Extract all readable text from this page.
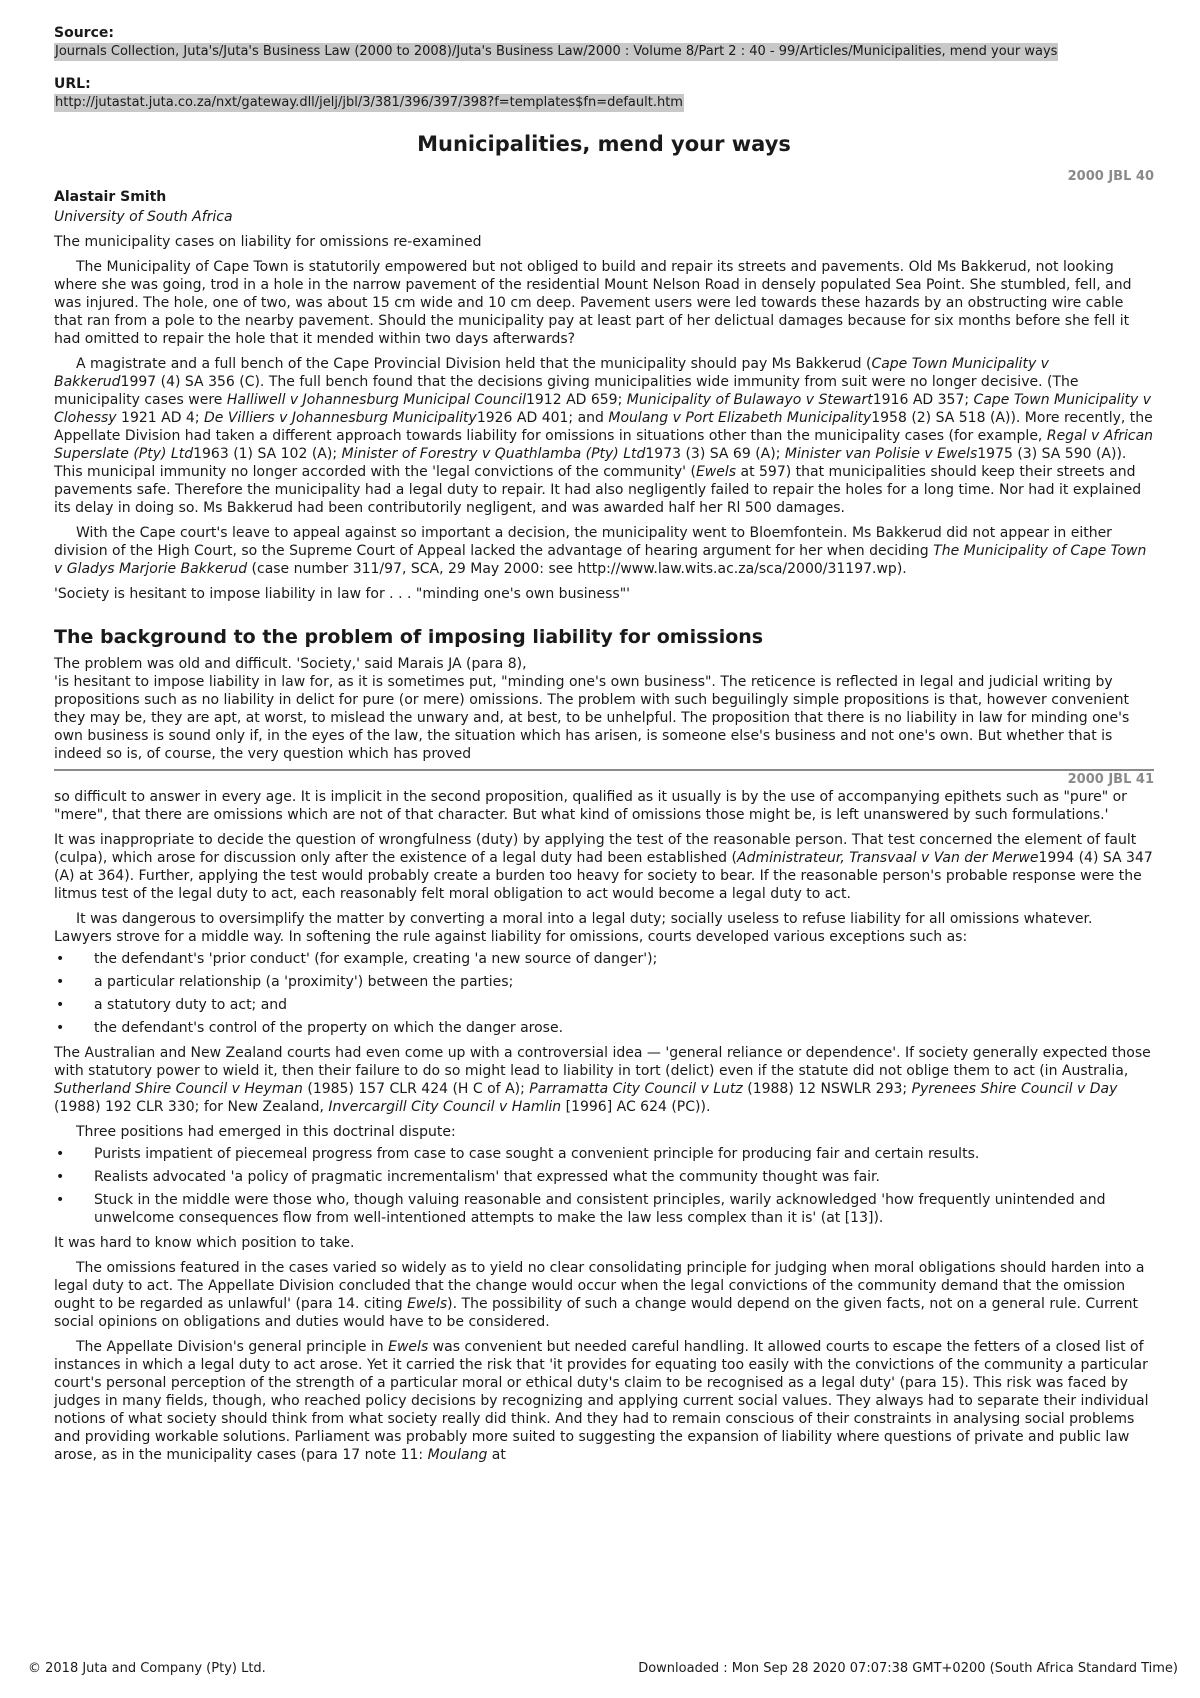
Source:
Journals Collection, Juta's/Juta's Business Law (2000 to 2008)/Juta's Business Law/2000 : Volume 8/Part 2 : 40 - 99/Articles/Municipalities, mend your ways
URL:
http://jutastat.juta.co.za/nxt/gateway.dll/jelj/jbl/3/381/396/397/398?f=templates$fn=default.htm
Municipalities, mend your ways
2000 JBL 40
Alastair Smith
University of South Africa

The municipality cases on liability for omissions re-examined

The Municipality of Cape Town is statutorily empowered but not obliged to build and repair its streets and pavements. Old Ms Bakkerud, not looking where she was going, trod in a hole in the narrow pavement of the residential Mount Nelson Road in densely populated Sea Point. She stumbled, fell, and was injured. The hole, one of two, was about 15 cm wide and 10 cm deep. Pavement users were led towards these hazards by an obstructing wire cable that ran from a pole to the nearby pavement. Should the municipality pay at least part of her delictual damages because for six months before she fell it had omitted to repair the hole that it mended within two days afterwards?

A magistrate and a full bench of the Cape Provincial Division held that the municipality should pay Ms Bakkerud (Cape Town Municipality v Bakkerud1997 (4) SA 356 (C). The full bench found that the decisions giving municipalities wide immunity from suit were no longer decisive. (The municipality cases were Halliwell v Johannesburg Municipal Council1912 AD 659; Municipality of Bulawayo v Stewart1916 AD 357; Cape Town Municipality v Clohessy 1921 AD 4; De Villiers v Johannesburg Municipality1926 AD 401; and Moulang v Port Elizabeth Municipality1958 (2) SA 518 (A)). More recently, the Appellate Division had taken a different approach towards liability for omissions in situations other than the municipality cases (for example, Regal v African Superslate (Pty) Ltd1963 (1) SA 102 (A); Minister of Forestry v Quathlamba (Pty) Ltd1973 (3) SA 69 (A); Minister van Polisie v Ewels1975 (3) SA 590 (A)). This municipal immunity no longer accorded with the 'legal convictions of the community' (Ewels at 597) that municipalities should keep their streets and pavements safe. Therefore the municipality had a legal duty to repair. It had also negligently failed to repair the holes for a long time. Nor had it explained its delay in doing so. Ms Bakkerud had been contributorily negligent, and was awarded half her Rl 500 damages.

With the Cape court's leave to appeal against so important a decision, the municipality went to Bloemfontein. Ms Bakkerud did not appear in either division of the High Court, so the Supreme Court of Appeal lacked the advantage of hearing argument for her when deciding The Municipality of Cape Town v Gladys Marjorie Bakkerud (case number 311/97, SCA, 29 May 2000: see http://www.law.wits.ac.za/sca/2000/31197.wp).

'Society is hesitant to impose liability in law for . . . "minding one's own business"'

The background to the problem of imposing liability for omissions

The problem was old and difficult. 'Society,' said Marais JA (para 8),

'is hesitant to impose liability in law for, as it is sometimes put, "minding one's own business". The reticence is reflected in legal and judicial writing by propositions such as no liability in delict for pure (or mere) omissions. The problem with such beguilingly simple propositions is that, however convenient they may be, they are apt, at worst, to mislead the unwary and, at best, to be unhelpful. The proposition that there is no liability in law for minding one's own business is sound only if, in the eyes of the law, the situation which has arisen, is someone else's business and not one's own. But whether that is indeed so is, of course, the very question which has proved

2000 JBL 41

so difficult to answer in every age. It is implicit in the second proposition, qualified as it usually is by the use of accompanying epithets such as "pure" or "mere", that there are omissions which are not of that character. But what kind of omissions those might be, is left unanswered by such formulations.'

It was inappropriate to decide the question of wrongfulness (duty) by applying the test of the reasonable person. That test concerned the element of fault (culpa), which arose for discussion only after the existence of a legal duty had been established (Administrateur, Transvaal v Van der Merwe1994 (4) SA 347 (A) at 364). Further, applying the test would probably create a burden too heavy for society to bear. If the reasonable person's probable response were the litmus test of the legal duty to act, each reasonably felt moral obligation to act would become a legal duty to act.

It was dangerous to oversimplify the matter by converting a moral into a legal duty; socially useless to refuse liability for all omissions whatever. Lawyers strove for a middle way. In softening the rule against liability for omissions, courts developed various exceptions such as:

• the defendant's 'prior conduct' (for example, creating 'a new source of danger');
• a particular relationship (a 'proximity') between the parties;
• a statutory duty to act; and
• the defendant's control of the property on which the danger arose.

The Australian and New Zealand courts had even come up with a controversial idea — 'general reliance or dependence'. If society generally expected those with statutory power to wield it, then their failure to do so might lead to liability in tort (delict) even if the statute did not oblige them to act (in Australia, Sutherland Shire Council v Heyman (1985) 157 CLR 424 (H C of A); Parramatta City Council v Lutz (1988) 12 NSWLR 293; Pyrenees Shire Council v Day (1988) 192 CLR 330; for New Zealand, Invercargill City Council v Hamlin [1996] AC 624 (PC)).

Three positions had emerged in this doctrinal dispute:

• Purists impatient of piecemeal progress from case to case sought a convenient principle for producing fair and certain results.
• Realists advocated 'a policy of pragmatic incrementalism' that expressed what the community thought was fair.
• Stuck in the middle were those who, though valuing reasonable and consistent principles, warily acknowledged 'how frequently unintended and unwelcome consequences flow from well-intentioned attempts to make the law less complex than it is' (at [13]).

It was hard to know which position to take.

The omissions featured in the cases varied so widely as to yield no clear consolidating principle for judging when moral obligations should harden into a legal duty to act. The Appellate Division concluded that the change would occur when the legal convictions of the community demand that the omission ought to be regarded as unlawful' (para 14. citing Ewels). The possibility of such a change would depend on the given facts, not on a general rule. Current social opinions on obligations and duties would have to be considered.

The Appellate Division's general principle in Ewels was convenient but needed careful handling. It allowed courts to escape the fetters of a closed list of instances in which a legal duty to act arose. Yet it carried the risk that 'it provides for equating too easily with the convictions of the community a particular court's personal perception of the strength of a particular moral or ethical duty's claim to be recognised as a legal duty' (para 15). This risk was faced by judges in many fields, though, who reached policy decisions by recognizing and applying current social values. They always had to separate their individual notions of what society should think from what society really did think. And they had to remain conscious of their constraints in analysing social problems and providing workable solutions. Parliament was probably more suited to suggesting the expansion of liability where questions of private and public law arose, as in the municipality cases (para 17 note 11: Moulang at

© 2018 Juta and Company (Pty) Ltd.	Downloaded : Mon Sep 28 2020 07:07:38 GMT+0200 (South Africa Standard Time)
